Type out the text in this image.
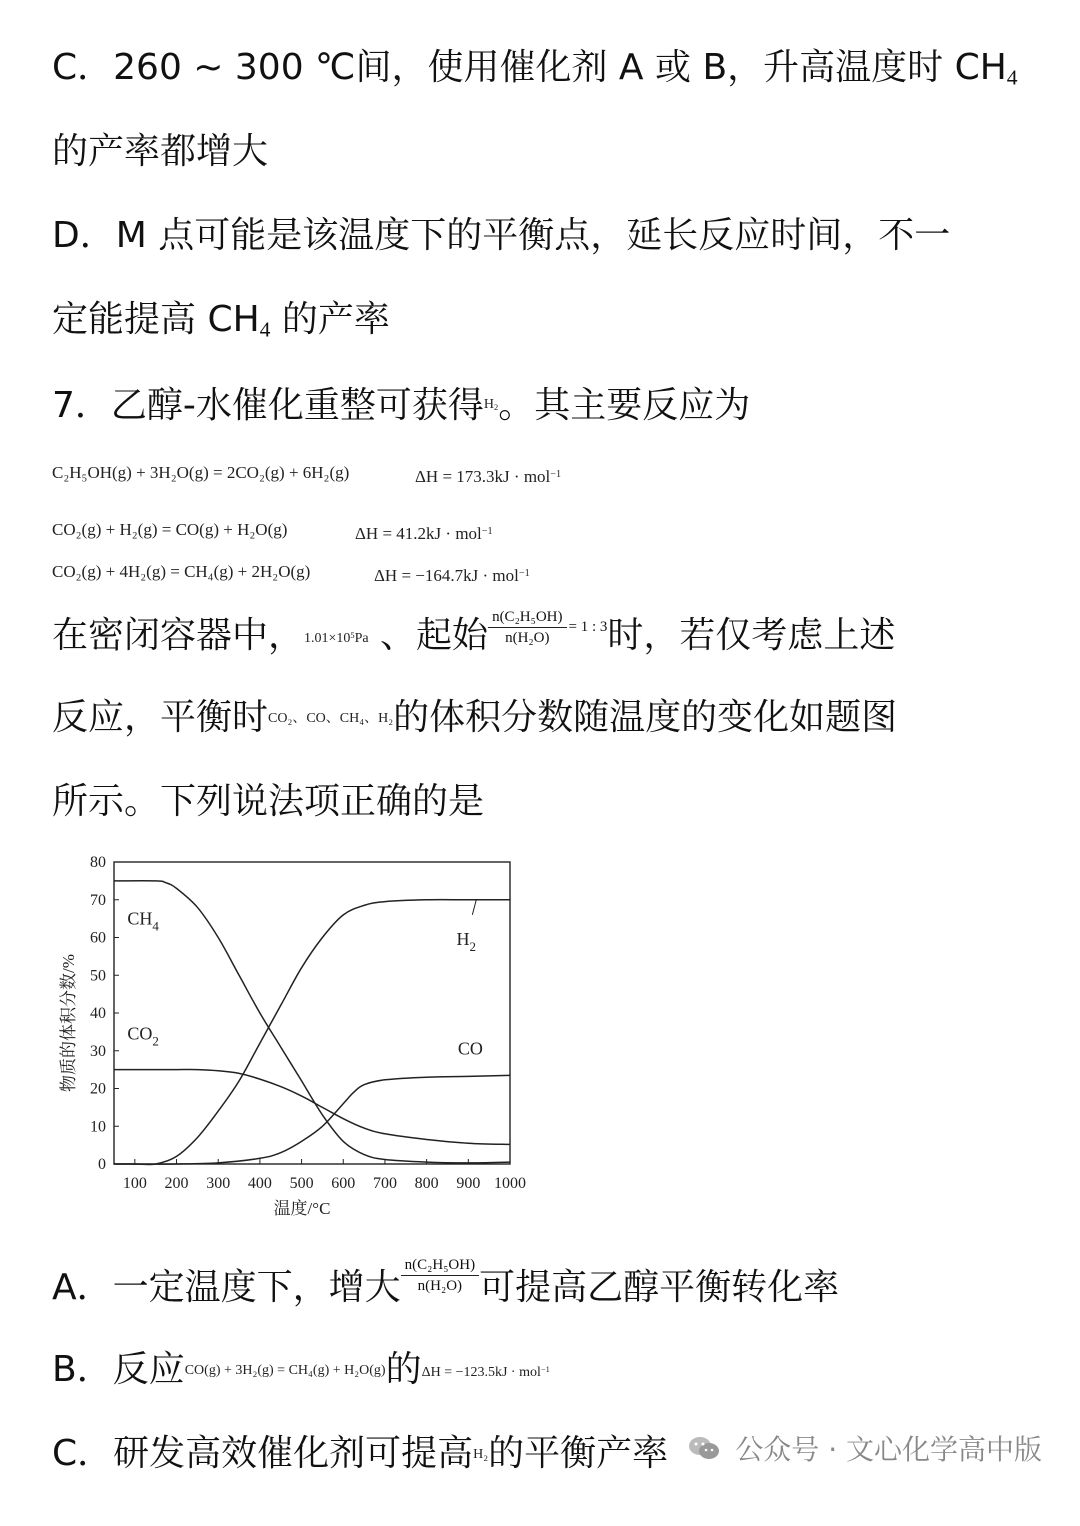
C．260 ~ 300 ℃间，使用催化剂 A 或 B，升高温度时 $CH_4$
的产率都增大
D．M 点可能是该温度下的平衡点，延长反应时间，不一
定能提高 $CH_4$ 的产率
7．乙醇-水催化重整可获得$H_2$。其主要反应为
C₂H₅OH(g) + 3H₂O(g) = 2CO₂(g) + 6H₂(g)	ΔH = 173.3kJ · mol$^{-1}$
CO₂(g) + H₂(g) = CO(g) + H₂O(g)	ΔH = 41.2kJ · mol$^{-1}$
CO₂(g) + 4H₂(g) = CH₄(g) + 2H₂O(g)	ΔH = −164.7kJ · mol$^{-1}$
在密闭容器中，$1.01\times 10^5Pa$ 、起始 $\frac{\text{n(C₂H₅OH)}}{\text{n(H₂O)}} = 1$ : 3 时，若仅考虑上述
反应，平衡时CO₂、CO、CH₄、H₂的体积分数随温度的变化如题图
所示。下列说法项正确的是
0
10
20
30
40
50
60
70
80
100 200 300 400 500 600 700 800 900 1000
温度/°C
物质的体积分数/%
$CH_4$
$H_2$
$CO_2$	CO
A．一定温度下，增大 $\frac{\text{n(C₂H₅OH)}}{\text{n(H₂O)}}$ 可提高乙醇平衡转化率
B．反应CO(g) + 3H₂(g) = CH₄(g) + H₂O(g)的ΔH = −123.5kJ · mol$^{-1}$
C．研发高效催化剂可提高H₂的平衡产率 公众号 · 文心化学高中版
